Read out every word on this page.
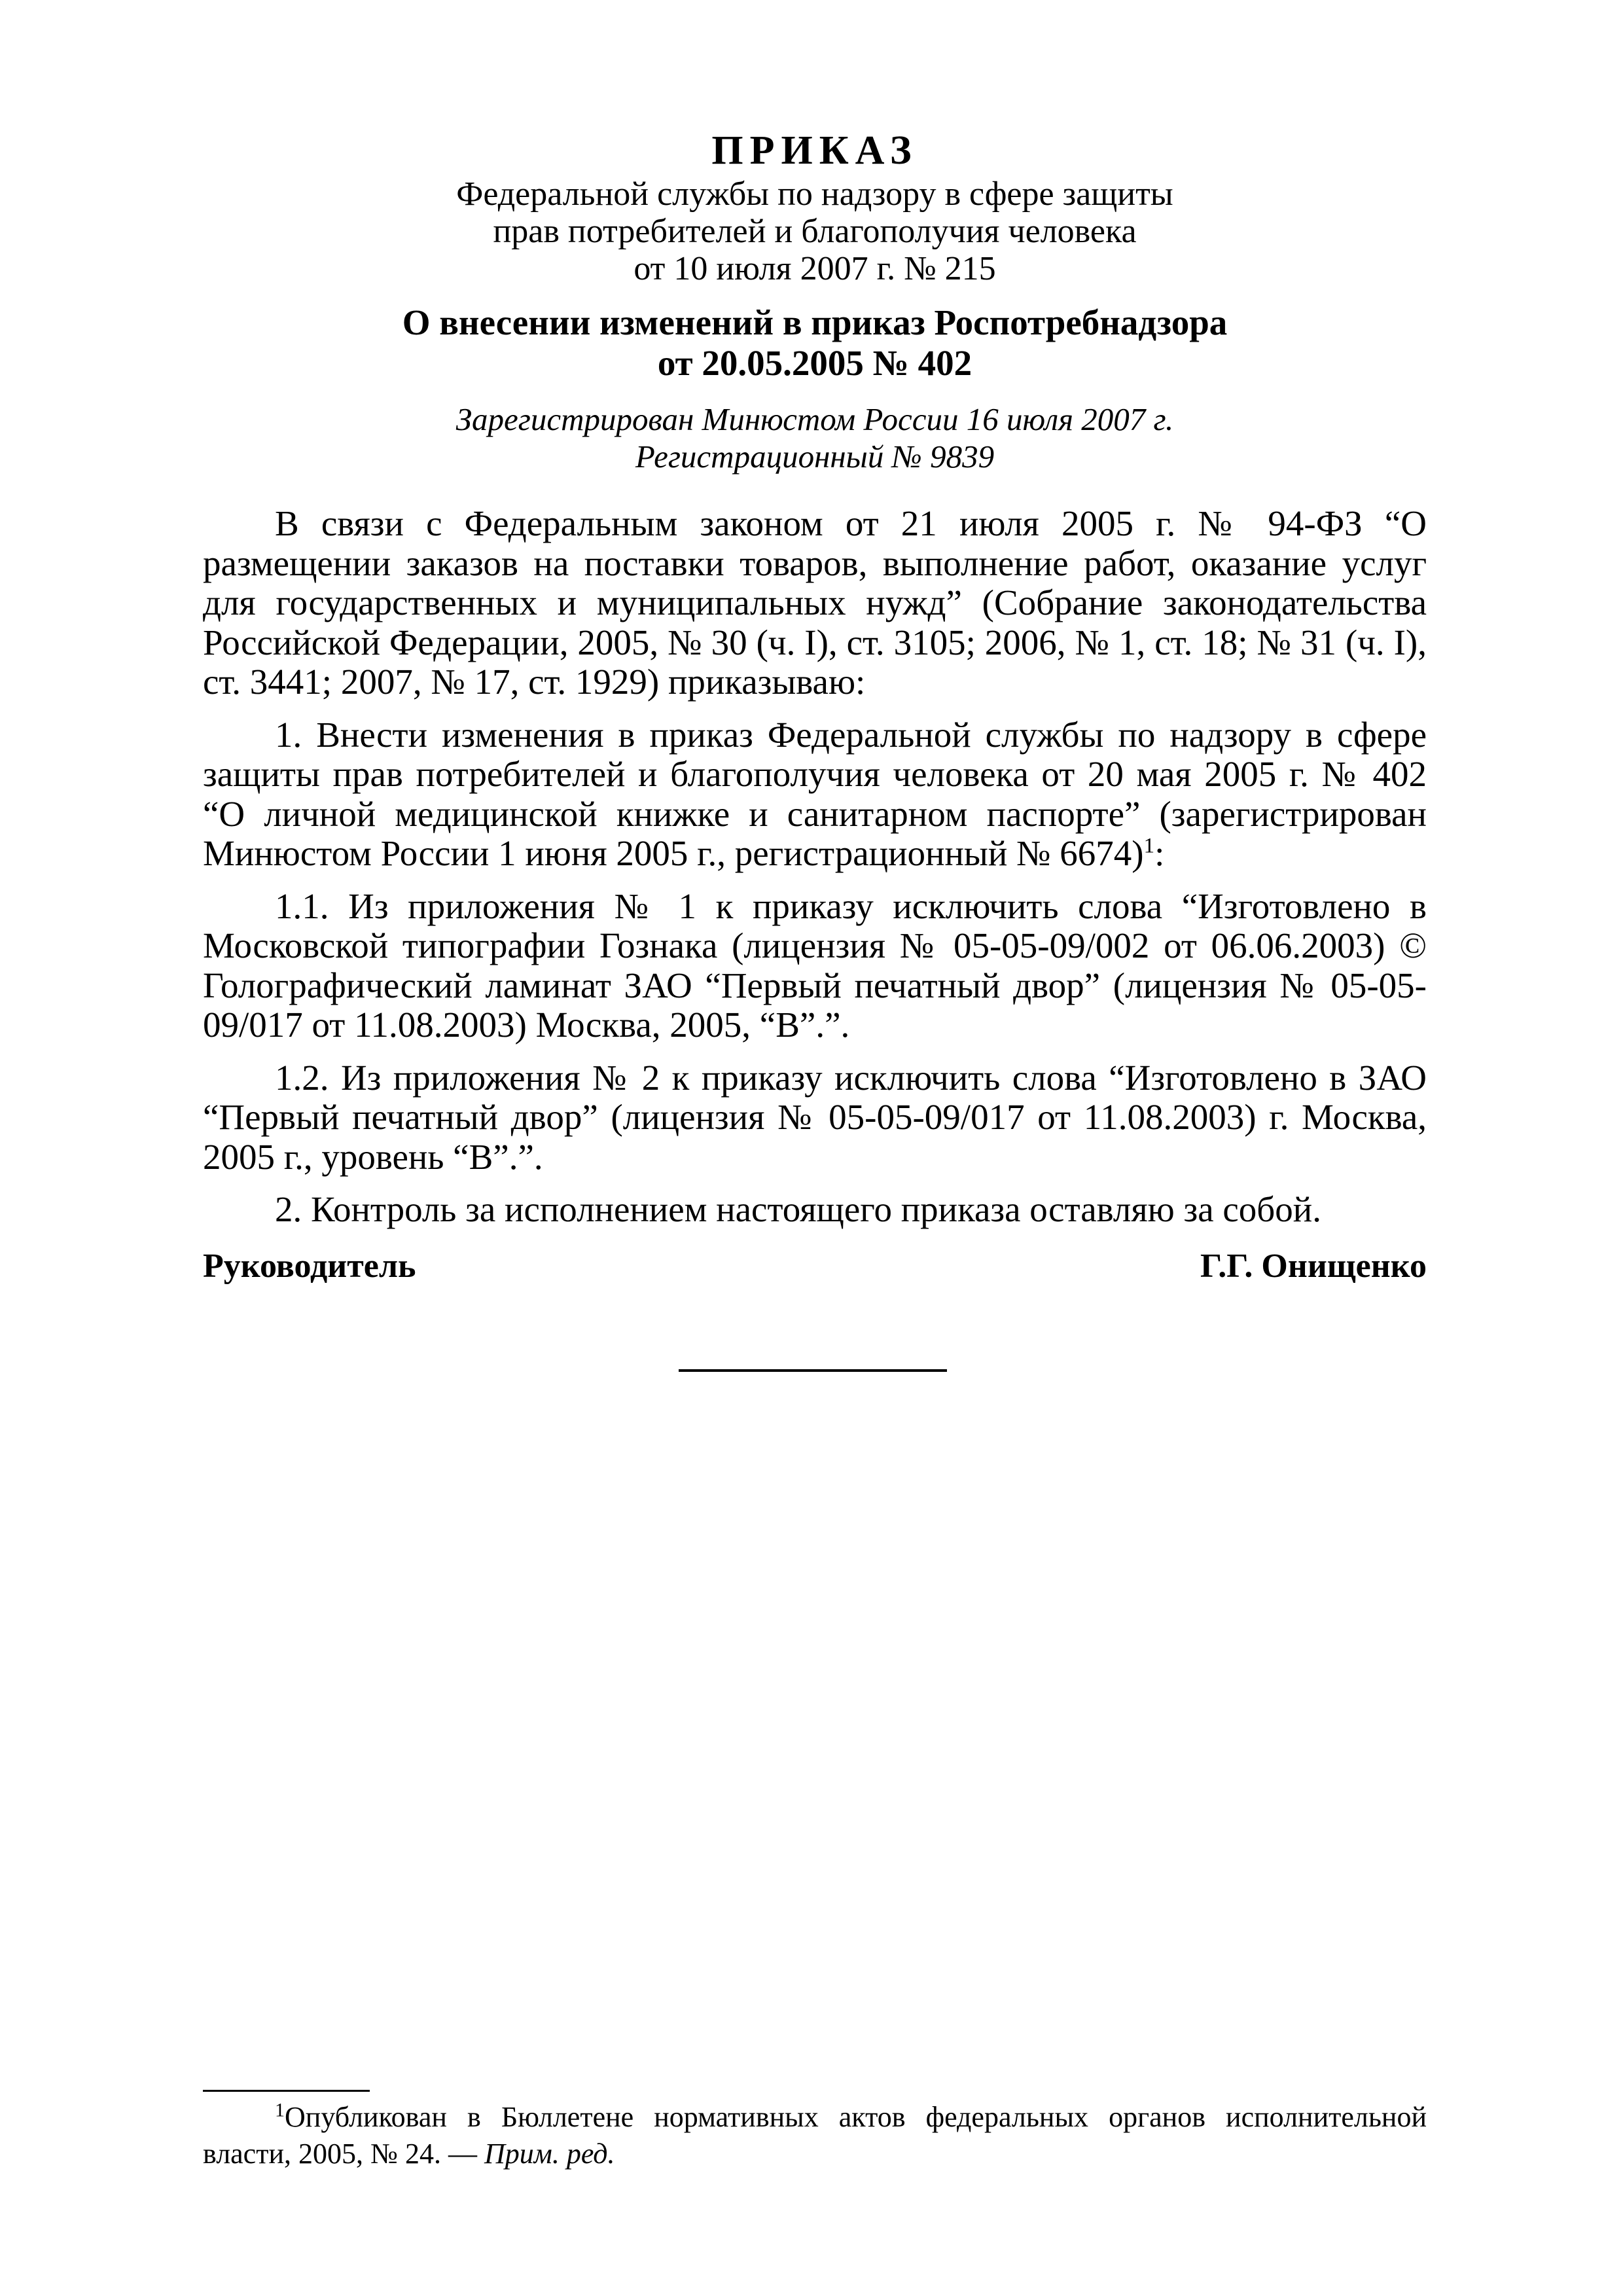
ПРИКАЗ
Федеральной службы по надзору в сфере защиты
прав потребителей и благополучия человека
от 10 июля 2007 г. № 215
О внесении изменений в приказ Роспотребнадзора
от 20.05.2005 № 402
Зарегистрирован Минюстом России 16 июля 2007 г.
Регистрационный № 9839

В связи с Федеральным законом от 21 июля 2005 г. № 94-ФЗ “О размещении заказов на поставки товаров, выполнение работ, оказание услуг для государственных и муниципальных нужд” (Собрание законодательства Российской Федерации, 2005, № 30 (ч. I), ст. 3105; 2006, № 1, ст. 18; № 31 (ч. I), ст. 3441; 2007, № 17, ст. 1929) приказываю:

1. Внести изменения в приказ Федеральной службы по надзору в сфере защиты прав потребителей и благополучия человека от 20 мая 2005 г. № 402 “О личной медицинской книжке и санитарном паспорте” (зарегистрирован Минюстом России 1 июня 2005 г., регистрационный № 6674)$^1$:

1.1. Из приложения № 1 к приказу исключить слова “Изготовлено в Московской типографии Гознака (лицензия № 05-05-09/002 от 06.06.2003) © Голографический ламинат ЗАО “Первый печатный двор” (лицензия № 05-05-09/017 от 11.08.2003) Москва, 2005, “В”.”.

1.2. Из приложения № 2 к приказу исключить слова “Изготовлено в ЗАО “Первый печатный двор” (лицензия № 05-05-09/017 от 11.08.2003) г. Москва, 2005 г., уровень “В”.”.

2. Контроль за исполнением настоящего приказа оставляю за собой.

Руководитель	Г.Г. Онищенко
$^1$Опубликован в Бюллетене нормативных актов федеральных органов исполнительной власти, 2005, № 24. — Прим. ред.
